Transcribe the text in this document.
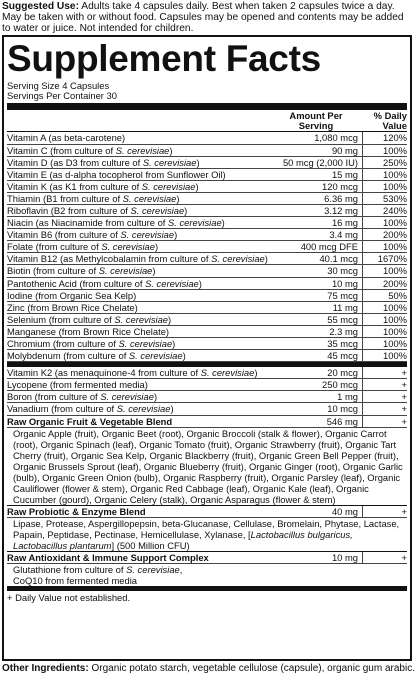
Suggested Use: Adults take 4 capsules daily. Best when taken 2 capsules twice a day. May be taken with or without food. Capsules may be opened and contents may be added to water or juice. Not intended for children.
Supplement Facts
Serving Size 4 Capsules
Servings Per Container 30
Amount Per Serving
% Daily Value
Vitamin A (as beta-carotene)	1,080 mcg	120%
Vitamin C (from culture of S. cerevisiae)	90 mg	100%
Vitamin D (as D3 from culture of S. cerevisiae)	50 mcg (2,000 IU)	250%
Vitamin E (as d-alpha tocopherol from Sunflower Oil)	15 mg	100%
Vitamin K (as K1 from culture of S. cerevisiae)	120 mcg	100%
Thiamin (B1 from culture of S. cerevisiae)	6.36 mg	530%
Riboflavin (B2 from culture of S. cerevisiae)	3.12 mg	240%
Niacin (as Niacinamide from culture of S. cerevisiae)	16 mg	100%
Vitamin B6 (from culture of S. cerevisiae)	3.4 mg	200%
Folate (from culture of S. cerevisiae)	400 mcg DFE	100%
Vitamin B12 (as Methylcobalamin from culture of S. cerevisiae)	40.1 mcg	1670%
Biotin (from culture of S. cerevisiae)	30 mcg	100%
Pantothenic Acid (from culture of S. cerevisiae)	10 mg	200%
Iodine (from Organic Sea Kelp)	75 mcg	50%
Zinc (from Brown Rice Chelate)	11 mg	100%
Selenium (from culture of S. cerevisiae)	55 mcg	100%
Manganese (from Brown Rice Chelate)	2.3 mg	100%
Chromium (from culture of S. cerevisiae)	35 mcg	100%
Molybdenum (from culture of S. cerevisiae)	45 mcg	100%
Vitamin K2 (as menaquinone-4 from culture of S. cerevisiae)	20 mcg	+
Lycopene (from fermented media)	250 mcg	+
Boron (from culture of S. cerevisiae)	1 mg	+
Vanadium (from culture of S. cerevisiae)	10 mcg	+
Raw Organic Fruit & Vegetable Blend	546 mg	+
Organic Apple (fruit), Organic Beet (root), Organic Broccoli (stalk & flower), Organic Carrot (root), Organic Spinach (leaf), Organic Tomato (fruit), Organic Strawberry (fruit), Organic Tart Cherry (fruit), Organic Sea Kelp, Organic Blackberry (fruit), Organic Green Bell Pepper (fruit), Organic Brussels Sprout (leaf), Organic Blueberry (fruit), Organic Ginger (root), Organic Garlic (bulb), Organic Green Onion (bulb), Organic Raspberry (fruit), Organic Parsley (leaf), Organic Cauliflower (flower & stem), Organic Red Cabbage (leaf), Organic Kale (leaf), Organic Cucumber (gourd), Organic Celery (stalk), Organic Asparagus (flower & stem)
Raw Probiotic & Enzyme Blend	40 mg	+
Lipase, Protease, Aspergillopepsin, beta-Glucanase, Cellulase, Bromelain, Phytase, Lactase, Papain, Peptidase, Pectinase, Hemicellulase, Xylanase, [Lactobacillus bulgaricus, Lactobacillus plantarum] (500 Million CFU)
Raw Antioxidant & Immune Support Complex	10 mg	+
Glutathione from culture of S. cerevisiae,
CoQ10 from fermented media
+ Daily Value not established.
Other Ingredients: Organic potato starch, vegetable cellulose (capsule), organic gum arabic.
